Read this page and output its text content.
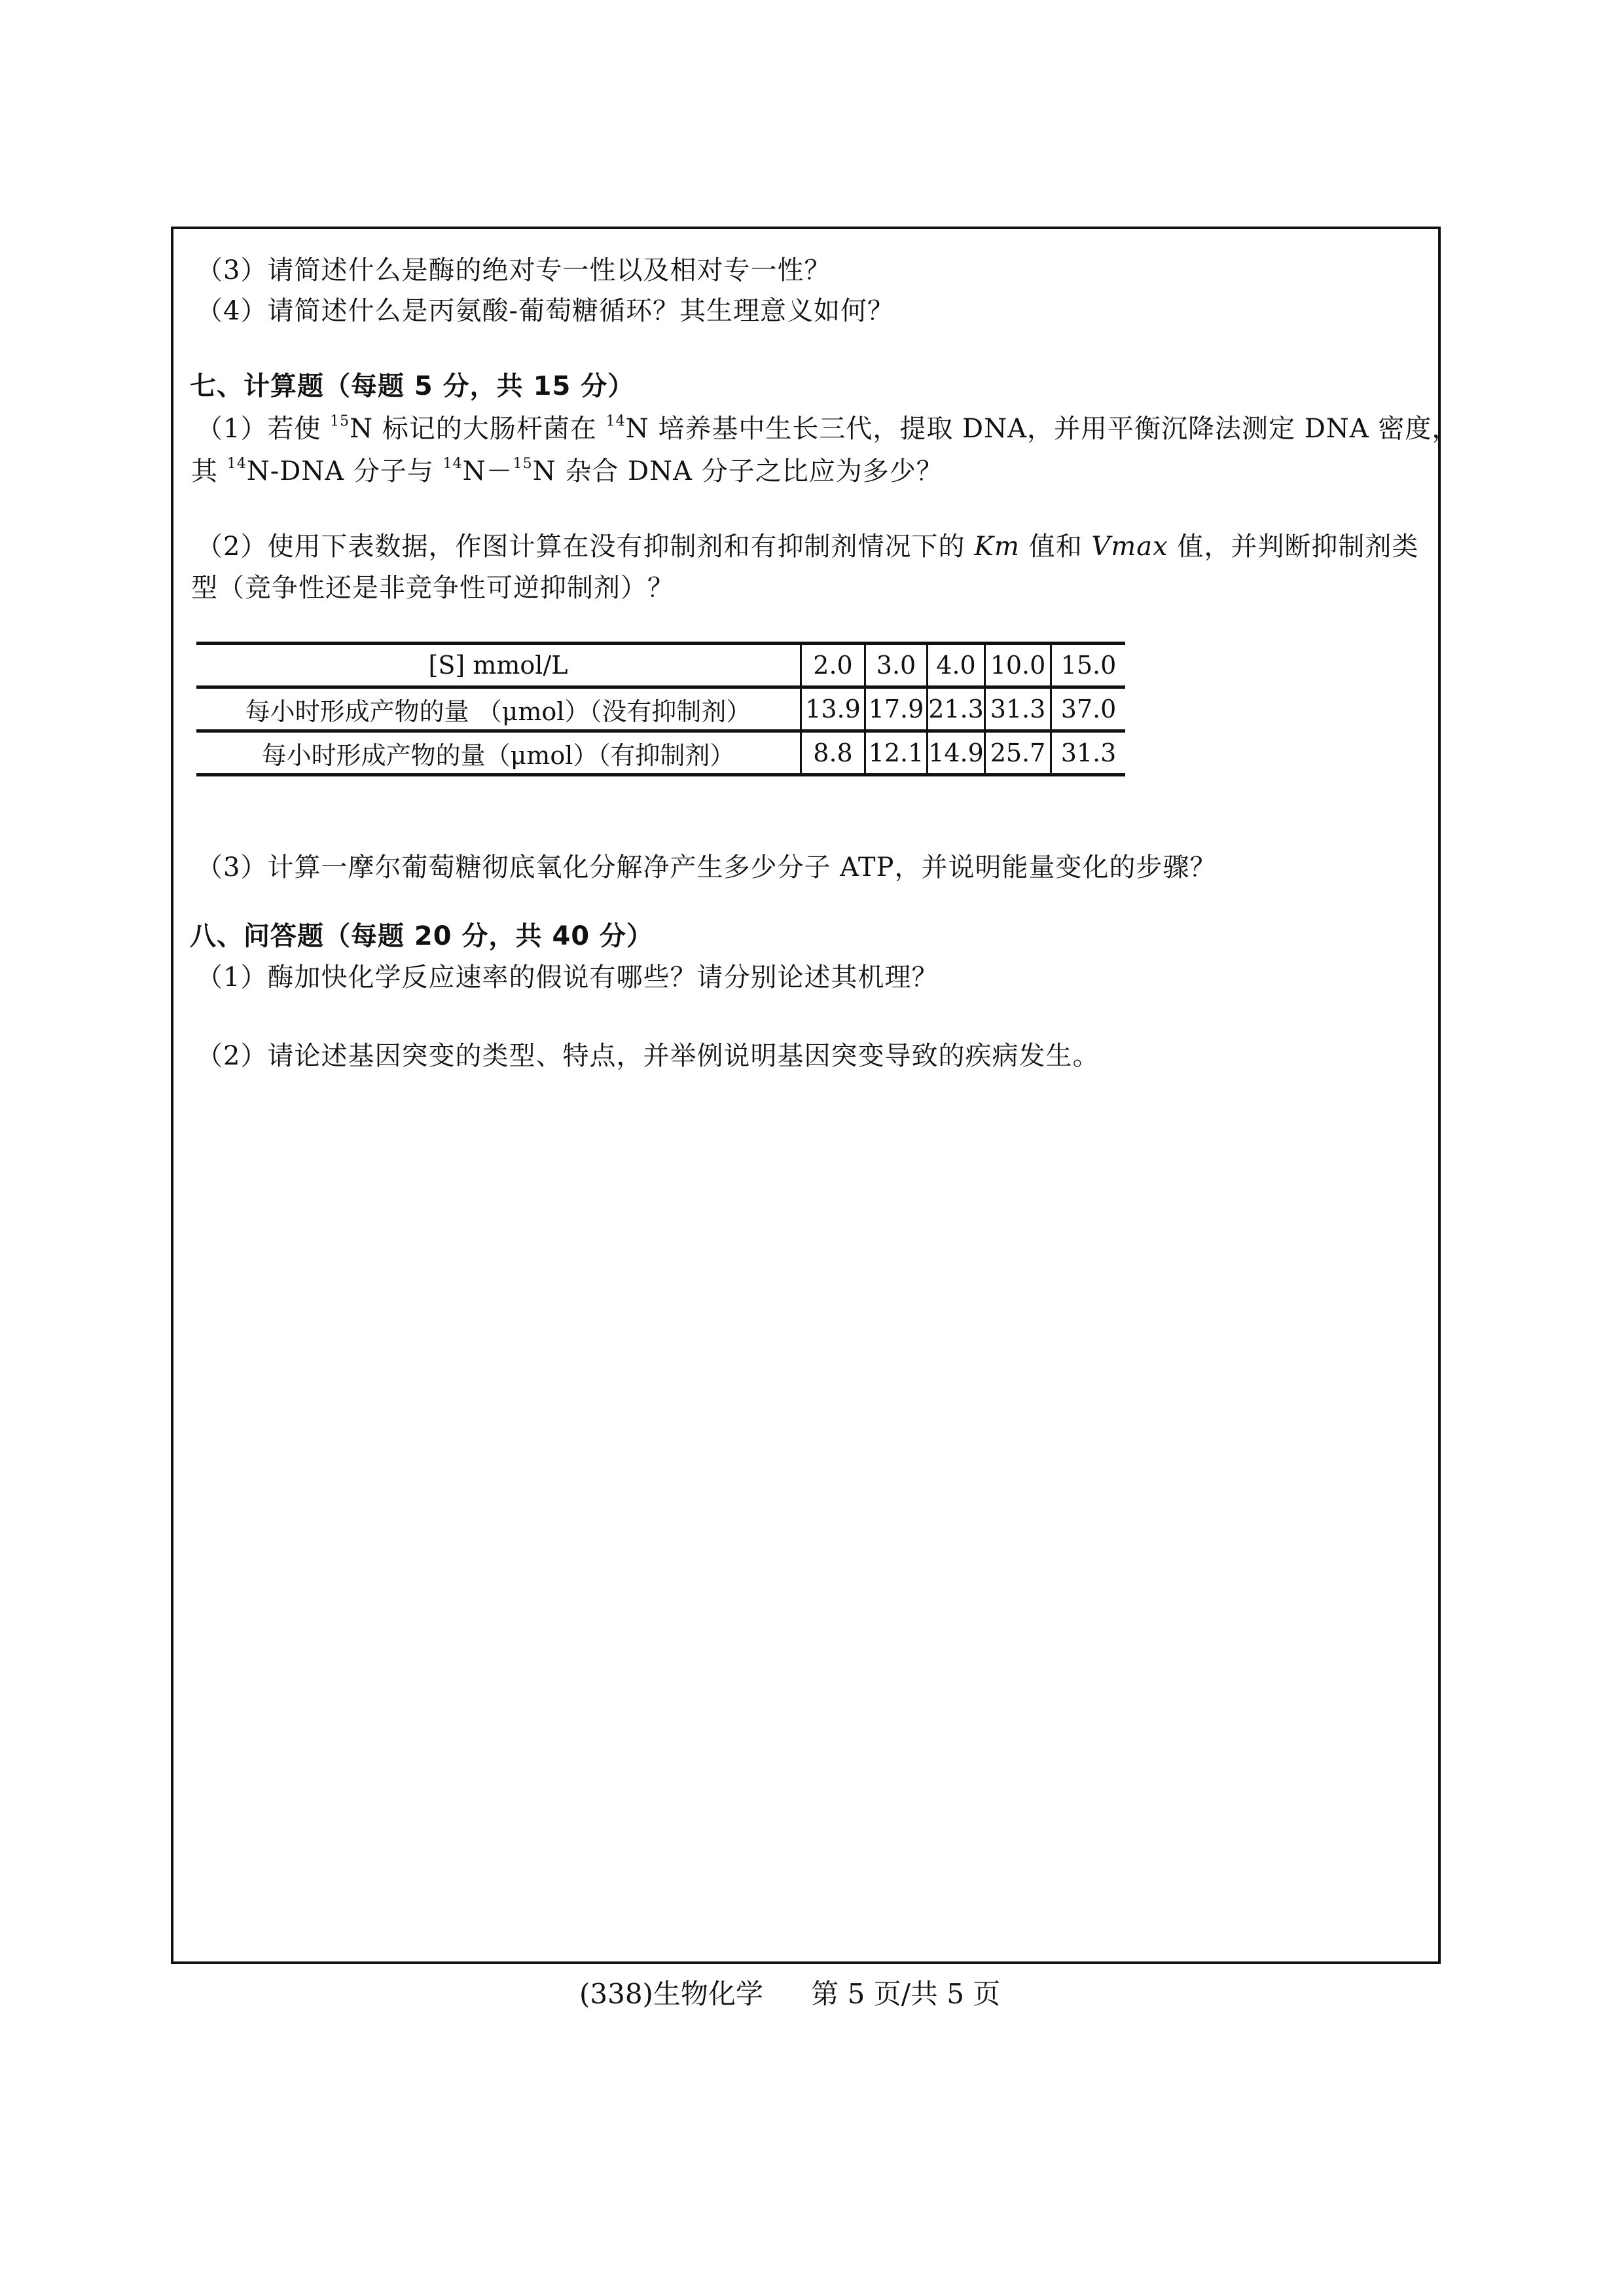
（3）请简述什么是酶的绝对专一性以及相对专一性？
（4）请简述什么是丙氨酸-葡萄糖循环？其生理意义如何？
七、计算题（每题 5 分，共 15 分）
（1）若使 $^{15}$N 标记的大肠杆菌在 $^{14}$N 培养基中生长三代，提取 DNA，并用平衡沉降法测定 DNA 密度，
其 $^{14}$N-DNA 分子与 $^{14}$N－$^{15}$N 杂合 DNA 分子之比应为多少？
（2）使用下表数据，作图计算在没有抑制剂和有抑制剂情况下的 Km 值和 Vmax 值，并判断抑制剂类
型（竞争性还是非竞争性可逆抑制剂）？
[S] mmol/L	2.0	3.0	4.0	10.0	15.0
每小时形成产物的量 （μmol）（没有抑制剂）	13.9	17.9	21.3	31.3	37.0
每小时形成产物的量（μmol）（有抑制剂）	8.8	12.1	14.9	25.7	31.3
（3）计算一摩尔葡萄糖彻底氧化分解净产生多少分子 ATP，并说明能量变化的步骤？
八、问答题（每题 20 分，共 40 分）
（1）酶加快化学反应速率的假说有哪些？请分别论述其机理？
（2）请论述基因突变的类型、特点，并举例说明基因突变导致的疾病发生。
(338)生物化学 第 5 页/共 5 页
